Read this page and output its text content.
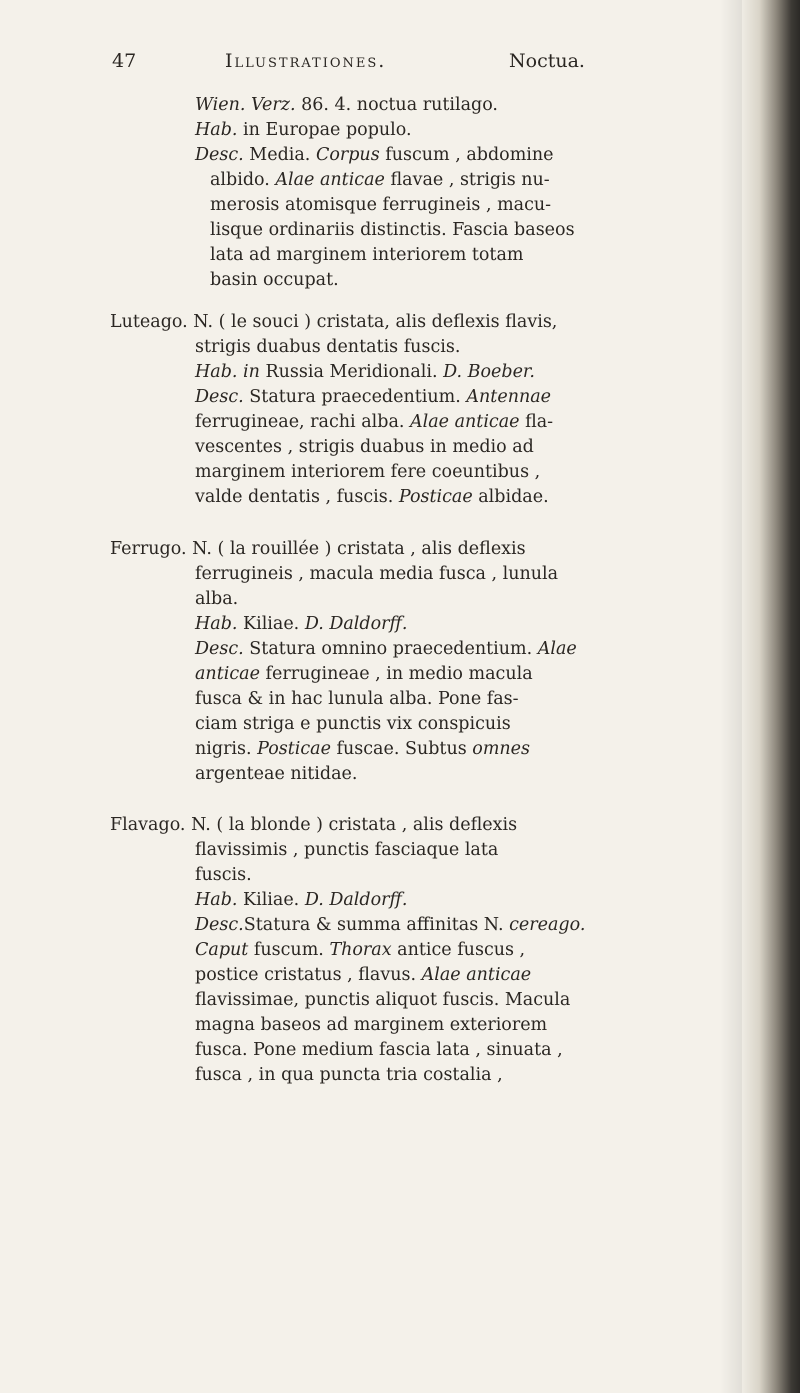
47	Illustrationes.	Noctua.
Wien. Verz. 86. 4. noctua rutilago.
Hab. in Europae populo.
Desc. Media. Corpus fuscum , abdomine
albido. Alae anticae flavae , strigis nu-
merosis atomisque ferrugineis , macu-
lisque ordinariis distinctis. Fascia baseos
lata ad marginem interiorem totam
basin occupat.
Luteago. N. ( le souci ) cristata, alis deflexis flavis,
strigis duabus dentatis fuscis.
Hab. in Russia Meridionali. D. Boeber.
Desc. Statura praecedentium. Antennae
ferrugineae, rachi alba. Alae anticae fla-
vescentes , strigis duabus in medio ad
marginem interiorem fere coeuntibus ,
valde dentatis , fuscis. Posticae albidae.
Ferrugo. N. ( la rouillée ) cristata , alis deflexis
ferrugineis , macula media fusca , lunula
alba.
Hab. Kiliae. D. Daldorff.
Desc. Statura omnino praecedentium. Alae
anticae ferrugineae , in medio macula
fusca & in hac lunula alba. Pone fas-
ciam striga e punctis vix conspicuis
nigris. Posticae fuscae. Subtus omnes
argenteae nitidae.
Flavago. N. ( la blonde ) cristata , alis deflexis
flavissimis , punctis fasciaque lata
fuscis.
Hab. Kiliae. D. Daldorff.
Desc.Statura & summa affinitas N. cereago.
Caput fuscum. Thorax antice fuscus ,
postice cristatus , flavus. Alae anticae
flavissimae, punctis aliquot fuscis. Macula
magna baseos ad marginem exteriorem
fusca. Pone medium fascia lata , sinuata ,
fusca , in qua puncta tria costalia ,
